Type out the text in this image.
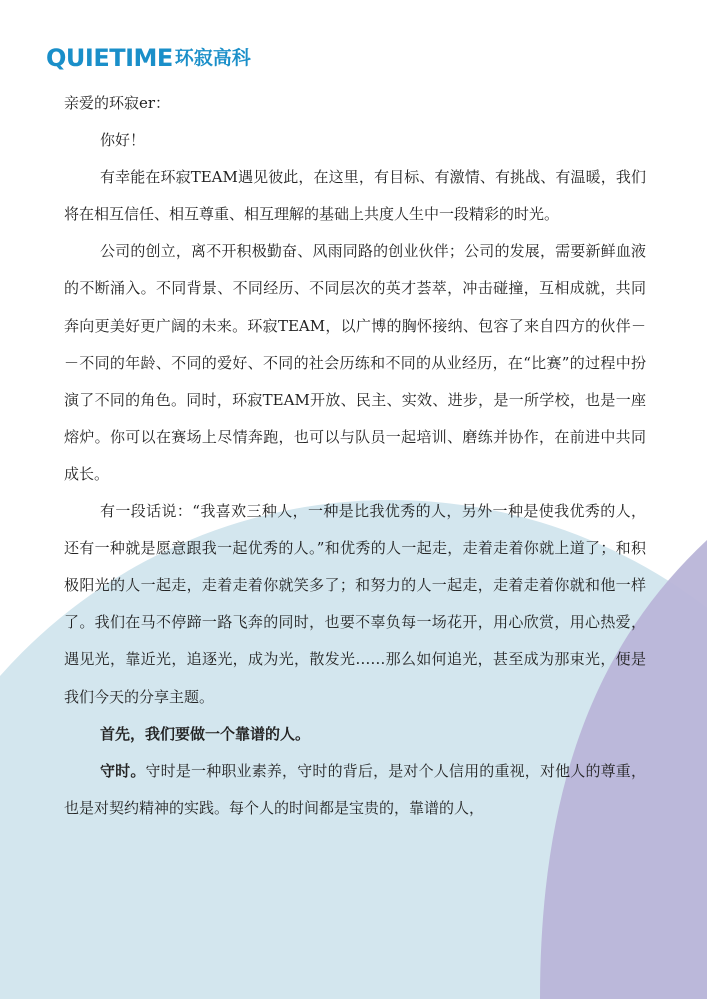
QUIETIME 环寂高科

亲爱的环寂er：

你好！

有幸能在环寂TEAM遇见彼此，在这里，有目标、有激情、有挑战、有温暖，我们将在相互信任、相互尊重、相互理解的基础上共度人生中一段精彩的时光。

公司的创立，离不开积极勤奋、风雨同路的创业伙伴；公司的发展，需要新鲜血液的不断涌入。不同背景、不同经历、不同层次的英才荟萃，冲击碰撞，互相成就，共同奔向更美好更广阔的未来。环寂TEAM，以广博的胸怀接纳、包容了来自四方的伙伴－－不同的年龄、不同的爱好、不同的社会历练和不同的从业经历，在“比赛”的过程中扮演了不同的角色。同时，环寂TEAM开放、民主、实效、进步，是一所学校，也是一座熔炉。你可以在赛场上尽情奔跑，也可以与队员一起培训、磨练并协作，在前进中共同成长。

有一段话说：“我喜欢三种人，一种是比我优秀的人，另外一种是使我优秀的人，还有一种就是愿意跟我一起优秀的人。”和优秀的人一起走，走着走着你就上道了；和积极阳光的人一起走，走着走着你就笑多了；和努力的人一起走，走着走着你就和他一样了。我们在马不停蹄一路飞奔的同时，也要不辜负每一场花开，用心欣赏，用心热爱，遇见光，靠近光，追逐光，成为光，散发光……那么如何追光，甚至成为那束光，便是我们今天的分享主题。

首先，我们要做一个靠谱的人。

守时。守时是一种职业素养，守时的背后，是对个人信用的重视，对他人的尊重，也是对契约精神的实践。每个人的时间都是宝贵的，靠谱的人，
